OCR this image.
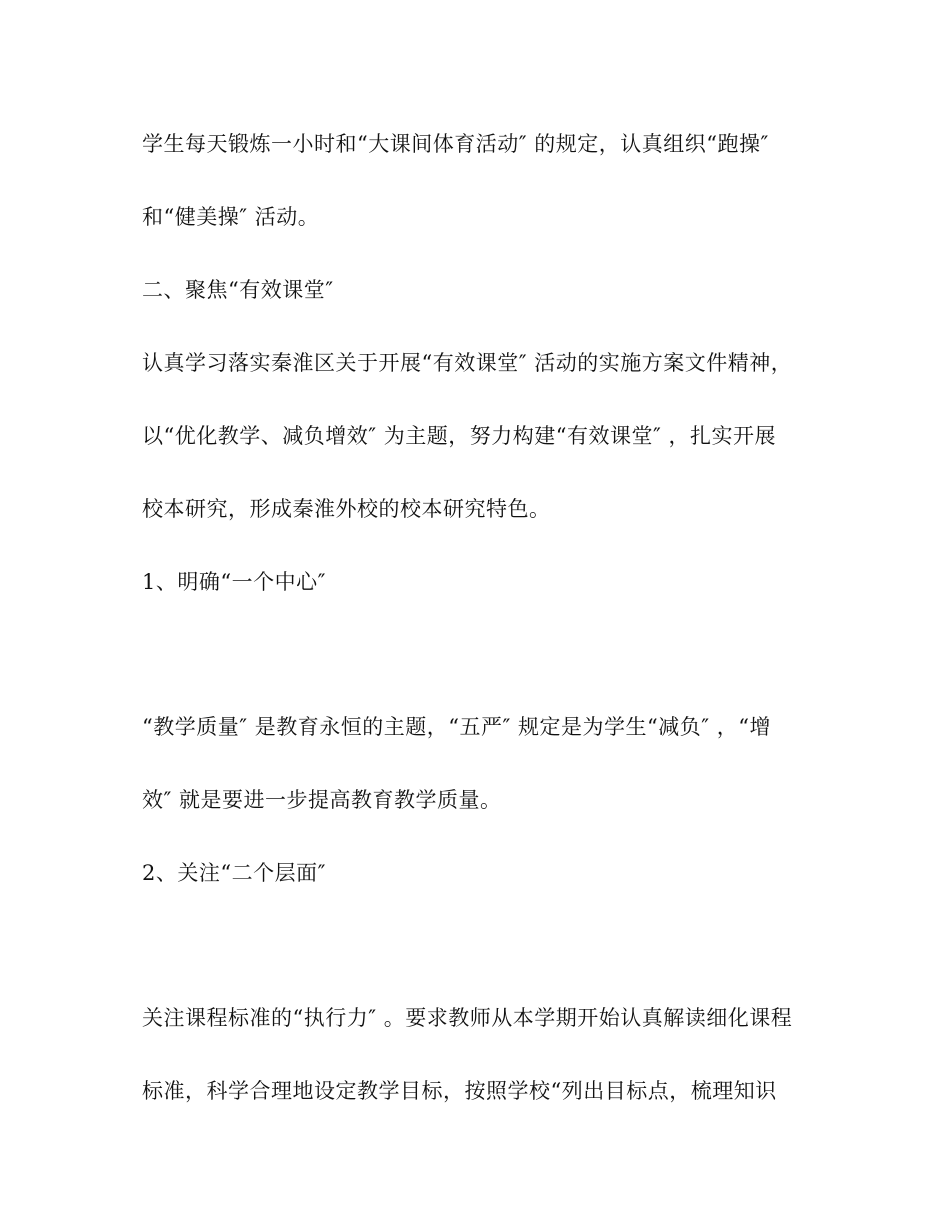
学生每天锻炼一小时和“大课间体育活动″ 的规定，认真组织“跑操″
和“健美操″ 活动。
二、聚焦“有效课堂″
认真学习落实秦淮区关于开展“有效课堂″ 活动的实施方案文件精神，
以“优化教学、减负增效″ 为主题，努力构建“有效课堂″ ，扎实开展
校本研究，形成秦淮外校的校本研究特色。
1、明确“一个中心″
“教学质量″ 是教育永恒的主题，“五严″ 规定是为学生“减负″ ，“增
效″ 就是要进一步提高教育教学质量。
2、关注“二个层面″
关注课程标准的“执行力″ 。要求教师从本学期开始认真解读细化课程
标准，科学合理地设定教学目标，按照学校“列出目标点，梳理知识
